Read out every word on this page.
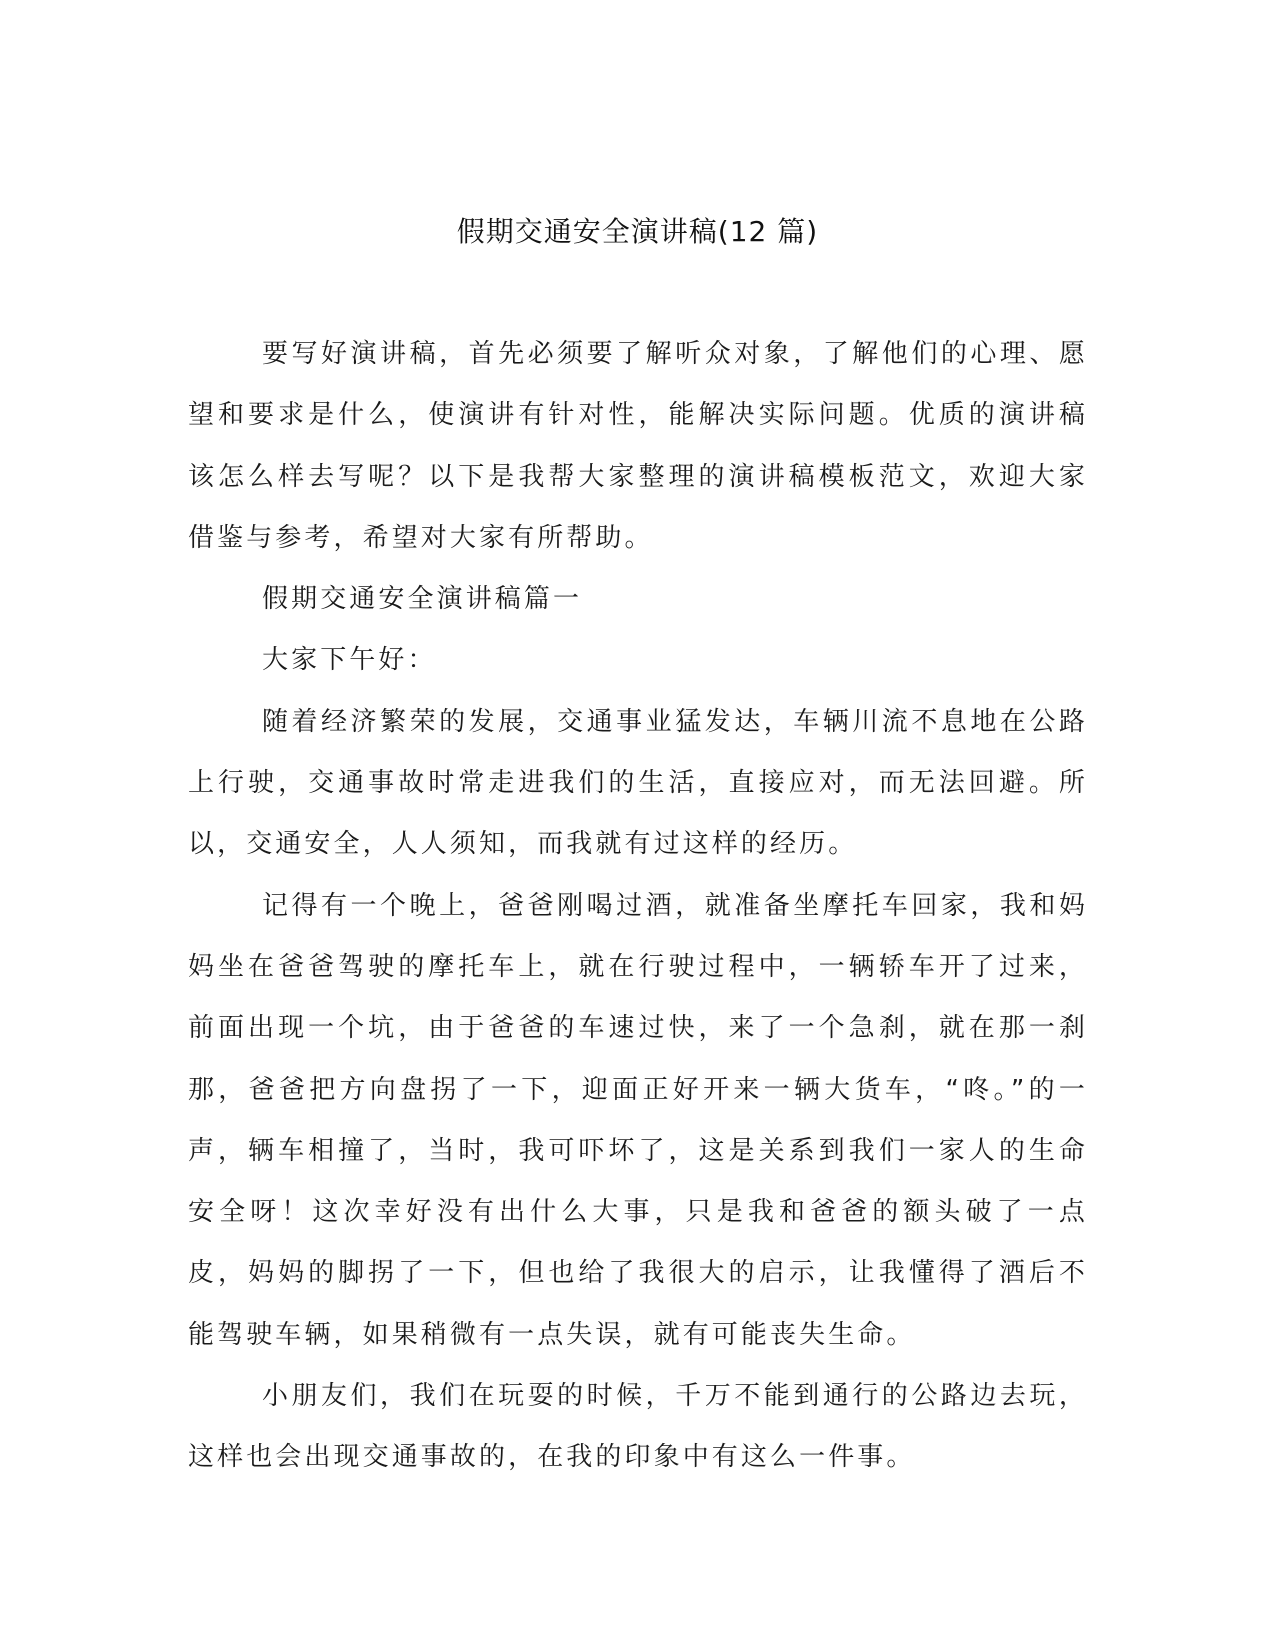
假期交通安全演讲稿(12 篇)

要写好演讲稿，首先必须要了解听众对象，了解他们的心理、愿望和要求是什么，使演讲有针对性，能解决实际问题。优质的演讲稿该怎么样去写呢？以下是我帮大家整理的演讲稿模板范文，欢迎大家借鉴与参考，希望对大家有所帮助。

假期交通安全演讲稿篇一

大家下午好：

随着经济繁荣的发展，交通事业猛发达，车辆川流不息地在公路上行驶，交通事故时常走进我们的生活，直接应对，而无法回避。所以，交通安全，人人须知，而我就有过这样的经历。

记得有一个晚上，爸爸刚喝过酒，就准备坐摩托车回家，我和妈妈坐在爸爸驾驶的摩托车上，就在行驶过程中，一辆轿车开了过来，前面出现一个坑，由于爸爸的车速过快，来了一个急刹，就在那一刹那，爸爸把方向盘拐了一下，迎面正好开来一辆大货车，“咚。”的一声，辆车相撞了，当时，我可吓坏了，这是关系到我们一家人的生命安全呀！这次幸好没有出什么大事，只是我和爸爸的额头破了一点皮，妈妈的脚拐了一下，但也给了我很大的启示，让我懂得了酒后不能驾驶车辆，如果稍微有一点失误，就有可能丧失生命。

小朋友们，我们在玩耍的时候，千万不能到通行的公路边去玩，这样也会出现交通事故的，在我的印象中有这么一件事。
